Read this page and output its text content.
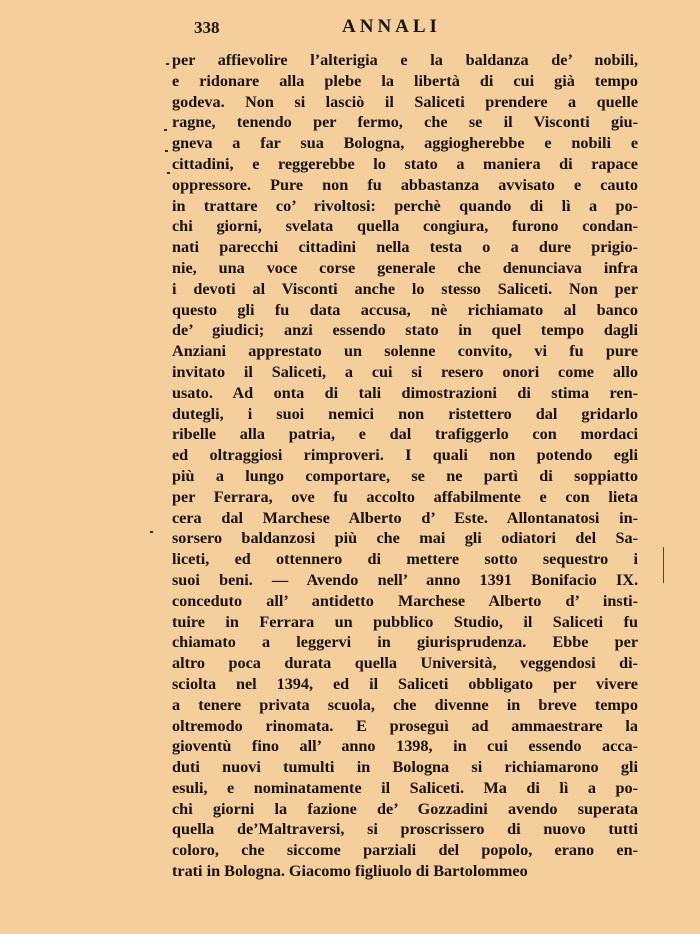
338	ANNALI
per affievolire l’alterigia e la baldanza de’ nobili,
e ridonare alla plebe la libertà di cui già tempo
godeva. Non si lasciò il Saliceti prendere a quelle
ragne, tenendo per fermo, che se il Visconti giu-
gneva a far sua Bologna, aggiogherebbe e nobili e
cittadini, e reggerebbe lo stato a maniera di rapace
oppressore. Pure non fu abbastanza avvisato e cauto
in trattare co’ rivoltosi: perchè quando di lì a po-
chi giorni, svelata quella congiura, furono condan-
nati parecchi cittadini nella testa o a dure prigio-
nie, una voce corse generale che denunciava infra
i devoti al Visconti anche lo stesso Saliceti. Non per
questo gli fu data accusa, nè richiamato al banco
de’ giudici; anzi essendo stato in quel tempo dagli
Anziani apprestato un solenne convito, vi fu pure
invitato il Saliceti, a cui si resero onori come allo
usato. Ad onta di tali dimostrazioni di stima ren-
dutegli, i suoi nemici non ristettero dal gridarlo
ribelle alla patria, e dal trafiggerlo con mordaci
ed oltraggiosi rimproveri. I quali non potendo egli
più a lungo comportare, se ne partì di soppiatto
per Ferrara, ove fu accolto affabilmente e con lieta
cera dal Marchese Alberto d’ Este. Allontanatosi in-
sorsero baldanzosi più che mai gli odiatori del Sa-
liceti, ed ottennero di mettere sotto sequestro i
suoi beni. — Avendo nell’ anno 1391 Bonifacio IX.
conceduto all’ antidetto Marchese Alberto d’ insti-
tuire in Ferrara un pubblico Studio, il Saliceti fu
chiamato a leggervi in giurisprudenza. Ebbe per
altro poca durata quella Università, veggendosi di-
sciolta nel 1394, ed il Saliceti obbligato per vivere
a tenere privata scuola, che divenne in breve tempo
oltremodo rinomata. E proseguì ad ammaestrare la
gioventù fino all’ anno 1398, in cui essendo acca-
duti nuovi tumulti in Bologna si richiamarono gli
esuli, e nominatamente il Saliceti. Ma di lì a po-
chi giorni la fazione de’ Gozzadini avendo superata
quella de’Maltraversi, si proscrissero di nuovo tutti
coloro, che siccome parziali del popolo, erano en-
trati in Bologna. Giacomo figliuolo di Bartolommeo
